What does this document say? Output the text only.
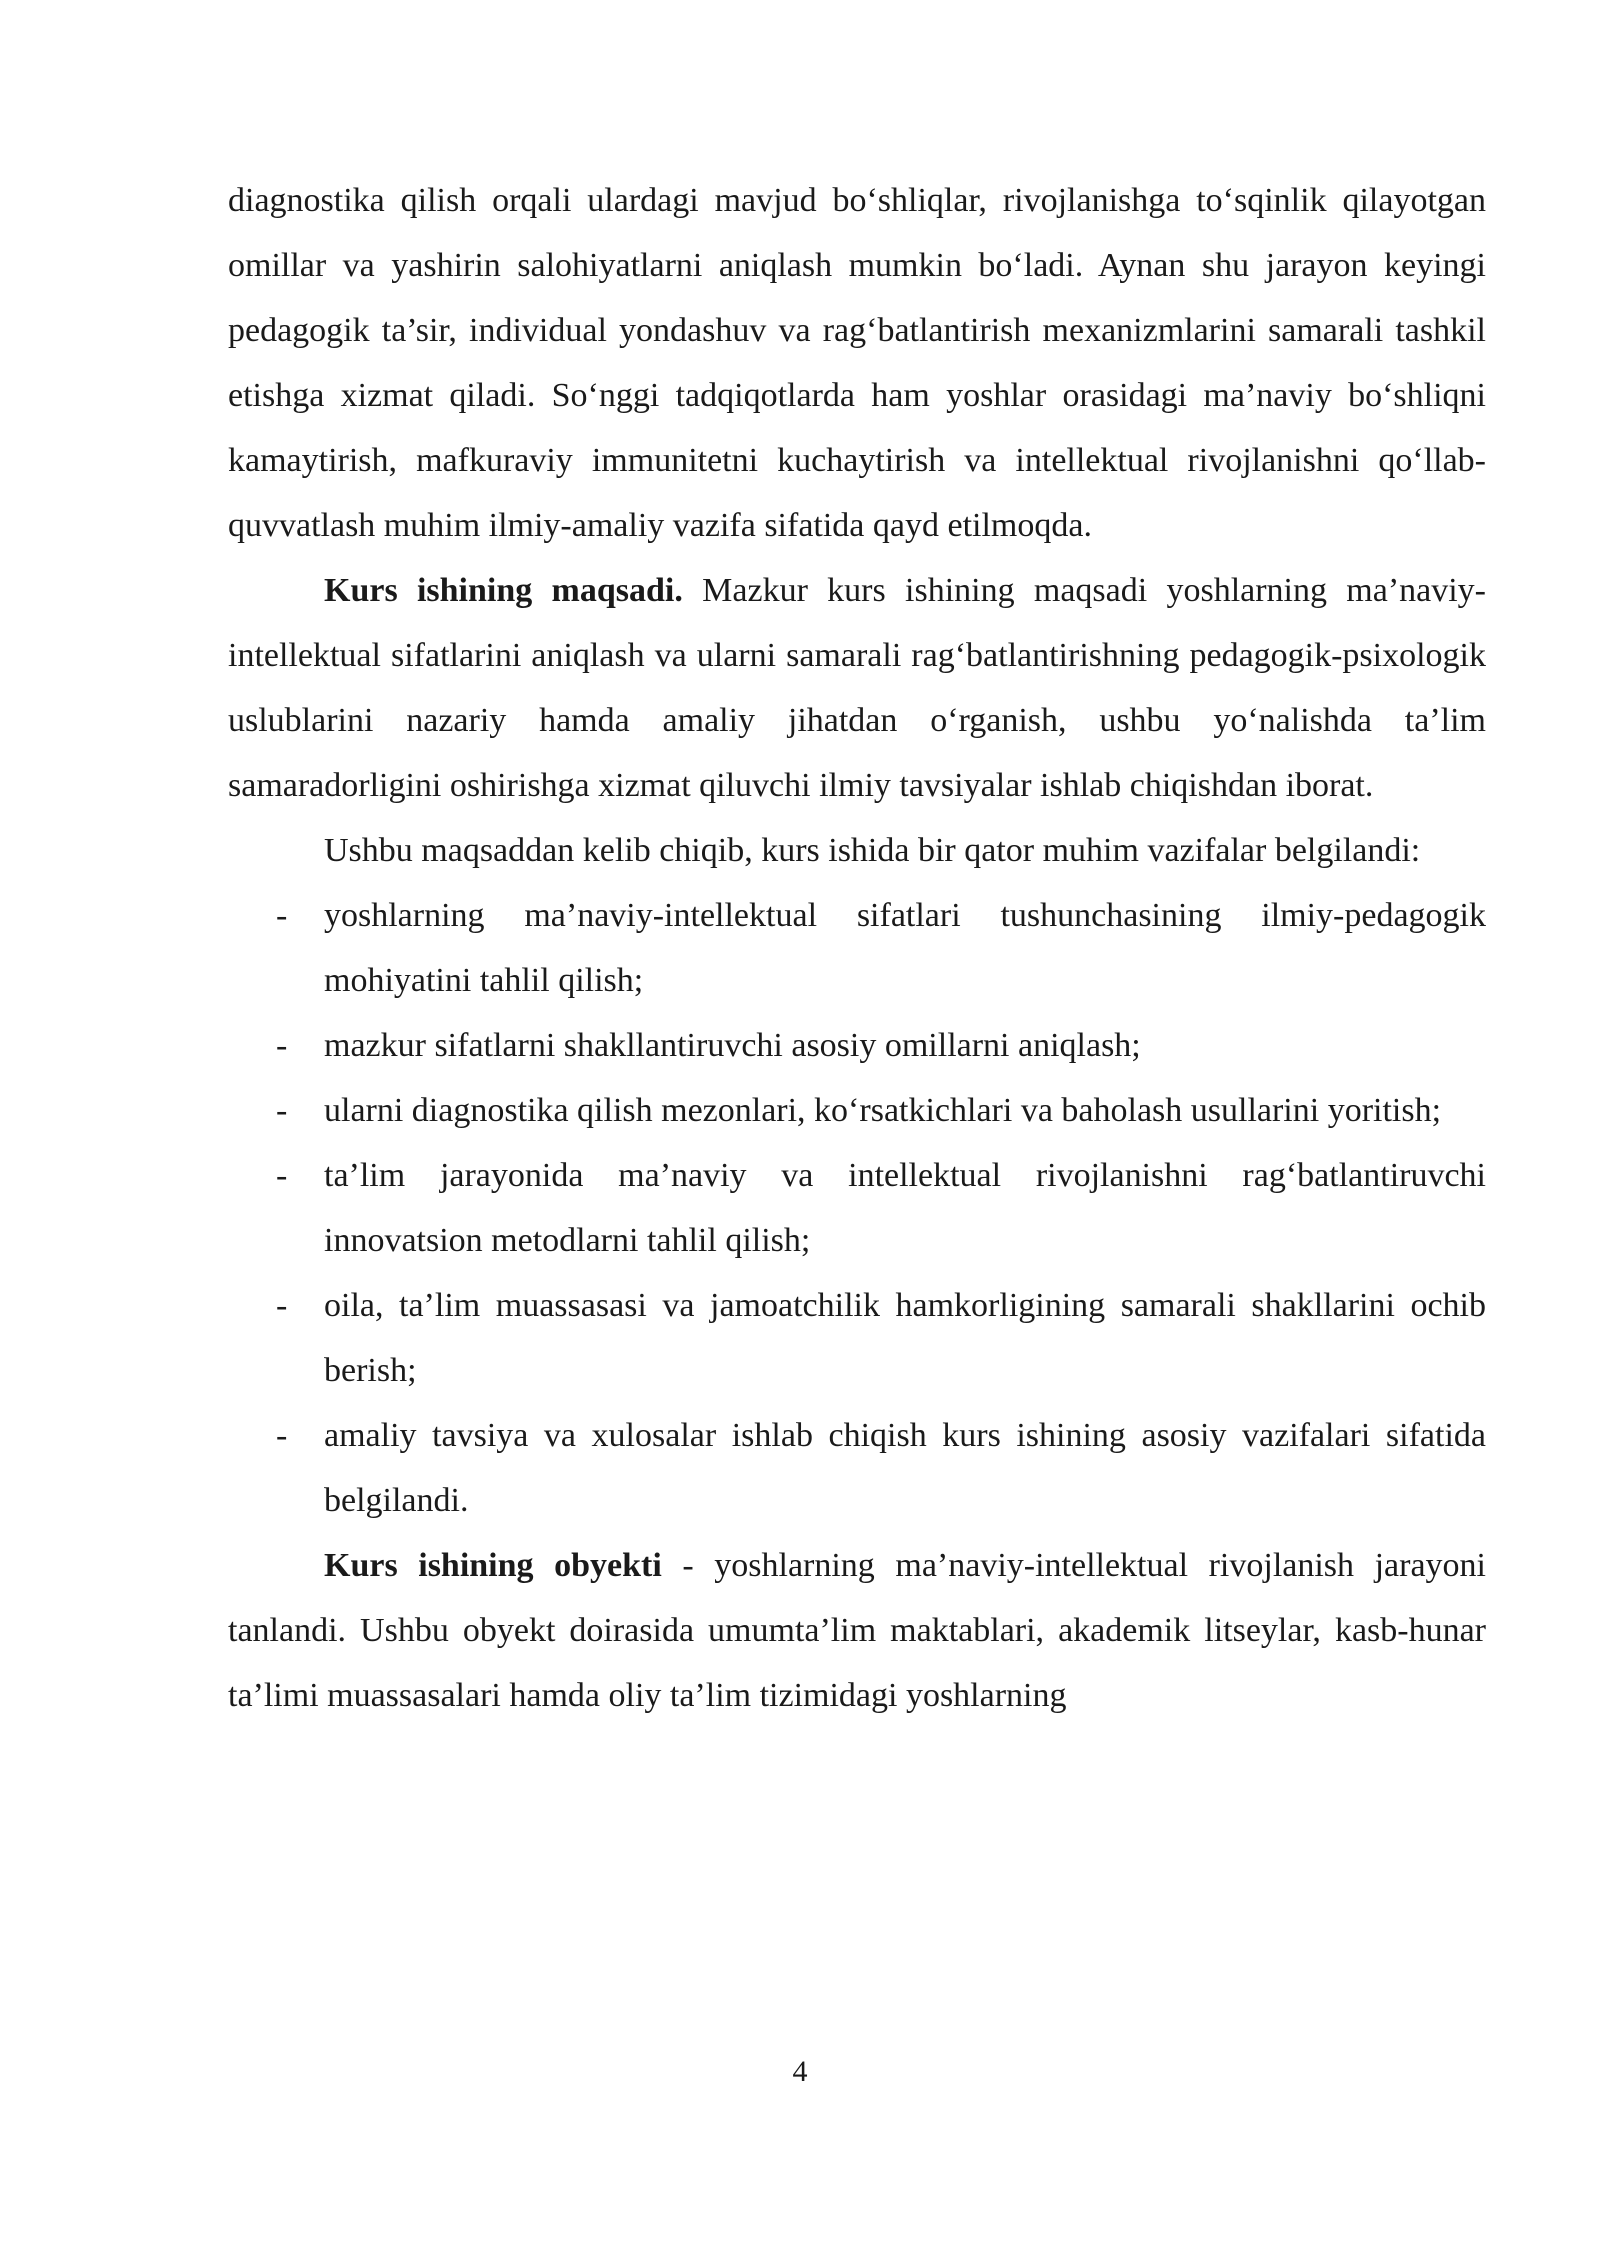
diagnostika qilish orqali ulardagi mavjud bo‘shliqlar, rivojlanishga to‘sqinlik qilayotgan omillar va yashirin salohiyatlarni aniqlash mumkin bo‘ladi. Aynan shu jarayon keyingi pedagogik ta’sir, individual yondashuv va rag‘batlantirish mexanizmlarini samarali tashkil etishga xizmat qiladi. So‘nggi tadqiqotlarda ham yoshlar orasidagi ma’naviy bo‘shliqni kamaytirish, mafkuraviy immunitetni kuchaytirish va intellektual rivojlanishni qo‘llab-quvvatlash muhim ilmiy-amaliy vazifa sifatida qayd etilmoqda.

Kurs ishining maqsadi. Mazkur kurs ishining maqsadi yoshlarning ma’naviy-intellektual sifatlarini aniqlash va ularni samarali rag‘batlantirishning pedagogik-psixologik uslublarini nazariy hamda amaliy jihatdan o‘rganish, ushbu yo‘nalishda ta’lim samaradorligini oshirishga xizmat qiluvchi ilmiy tavsiyalar ishlab chiqishdan iborat.

Ushbu maqsaddan kelib chiqib, kurs ishida bir qator muhim vazifalar belgilandi:

- yoshlarning ma’naviy-intellektual sifatlari tushunchasining ilmiy-pedagogik mohiyatini tahlil qilish;
- mazkur sifatlarni shakllantiruvchi asosiy omillarni aniqlash;
- ularni diagnostika qilish mezonlari, ko‘rsatkichlari va baholash usullarini yoritish;
- ta’lim jarayonida ma’naviy va intellektual rivojlanishni rag‘batlantiruvchi innovatsion metodlarni tahlil qilish;
- oila, ta’lim muassasasi va jamoatchilik hamkorligining samarali shakllarini ochib berish;
- amaliy tavsiya va xulosalar ishlab chiqish kurs ishining asosiy vazifalari sifatida belgilandi.

Kurs ishining obyekti - yoshlarning ma’naviy-intellektual rivojlanish jarayoni tanlandi. Ushbu obyekt doirasida umumta’lim maktablari, akademik litseylar, kasb-hunar ta’limi muassasalari hamda oliy ta’lim tizimidagi yoshlarning

4
